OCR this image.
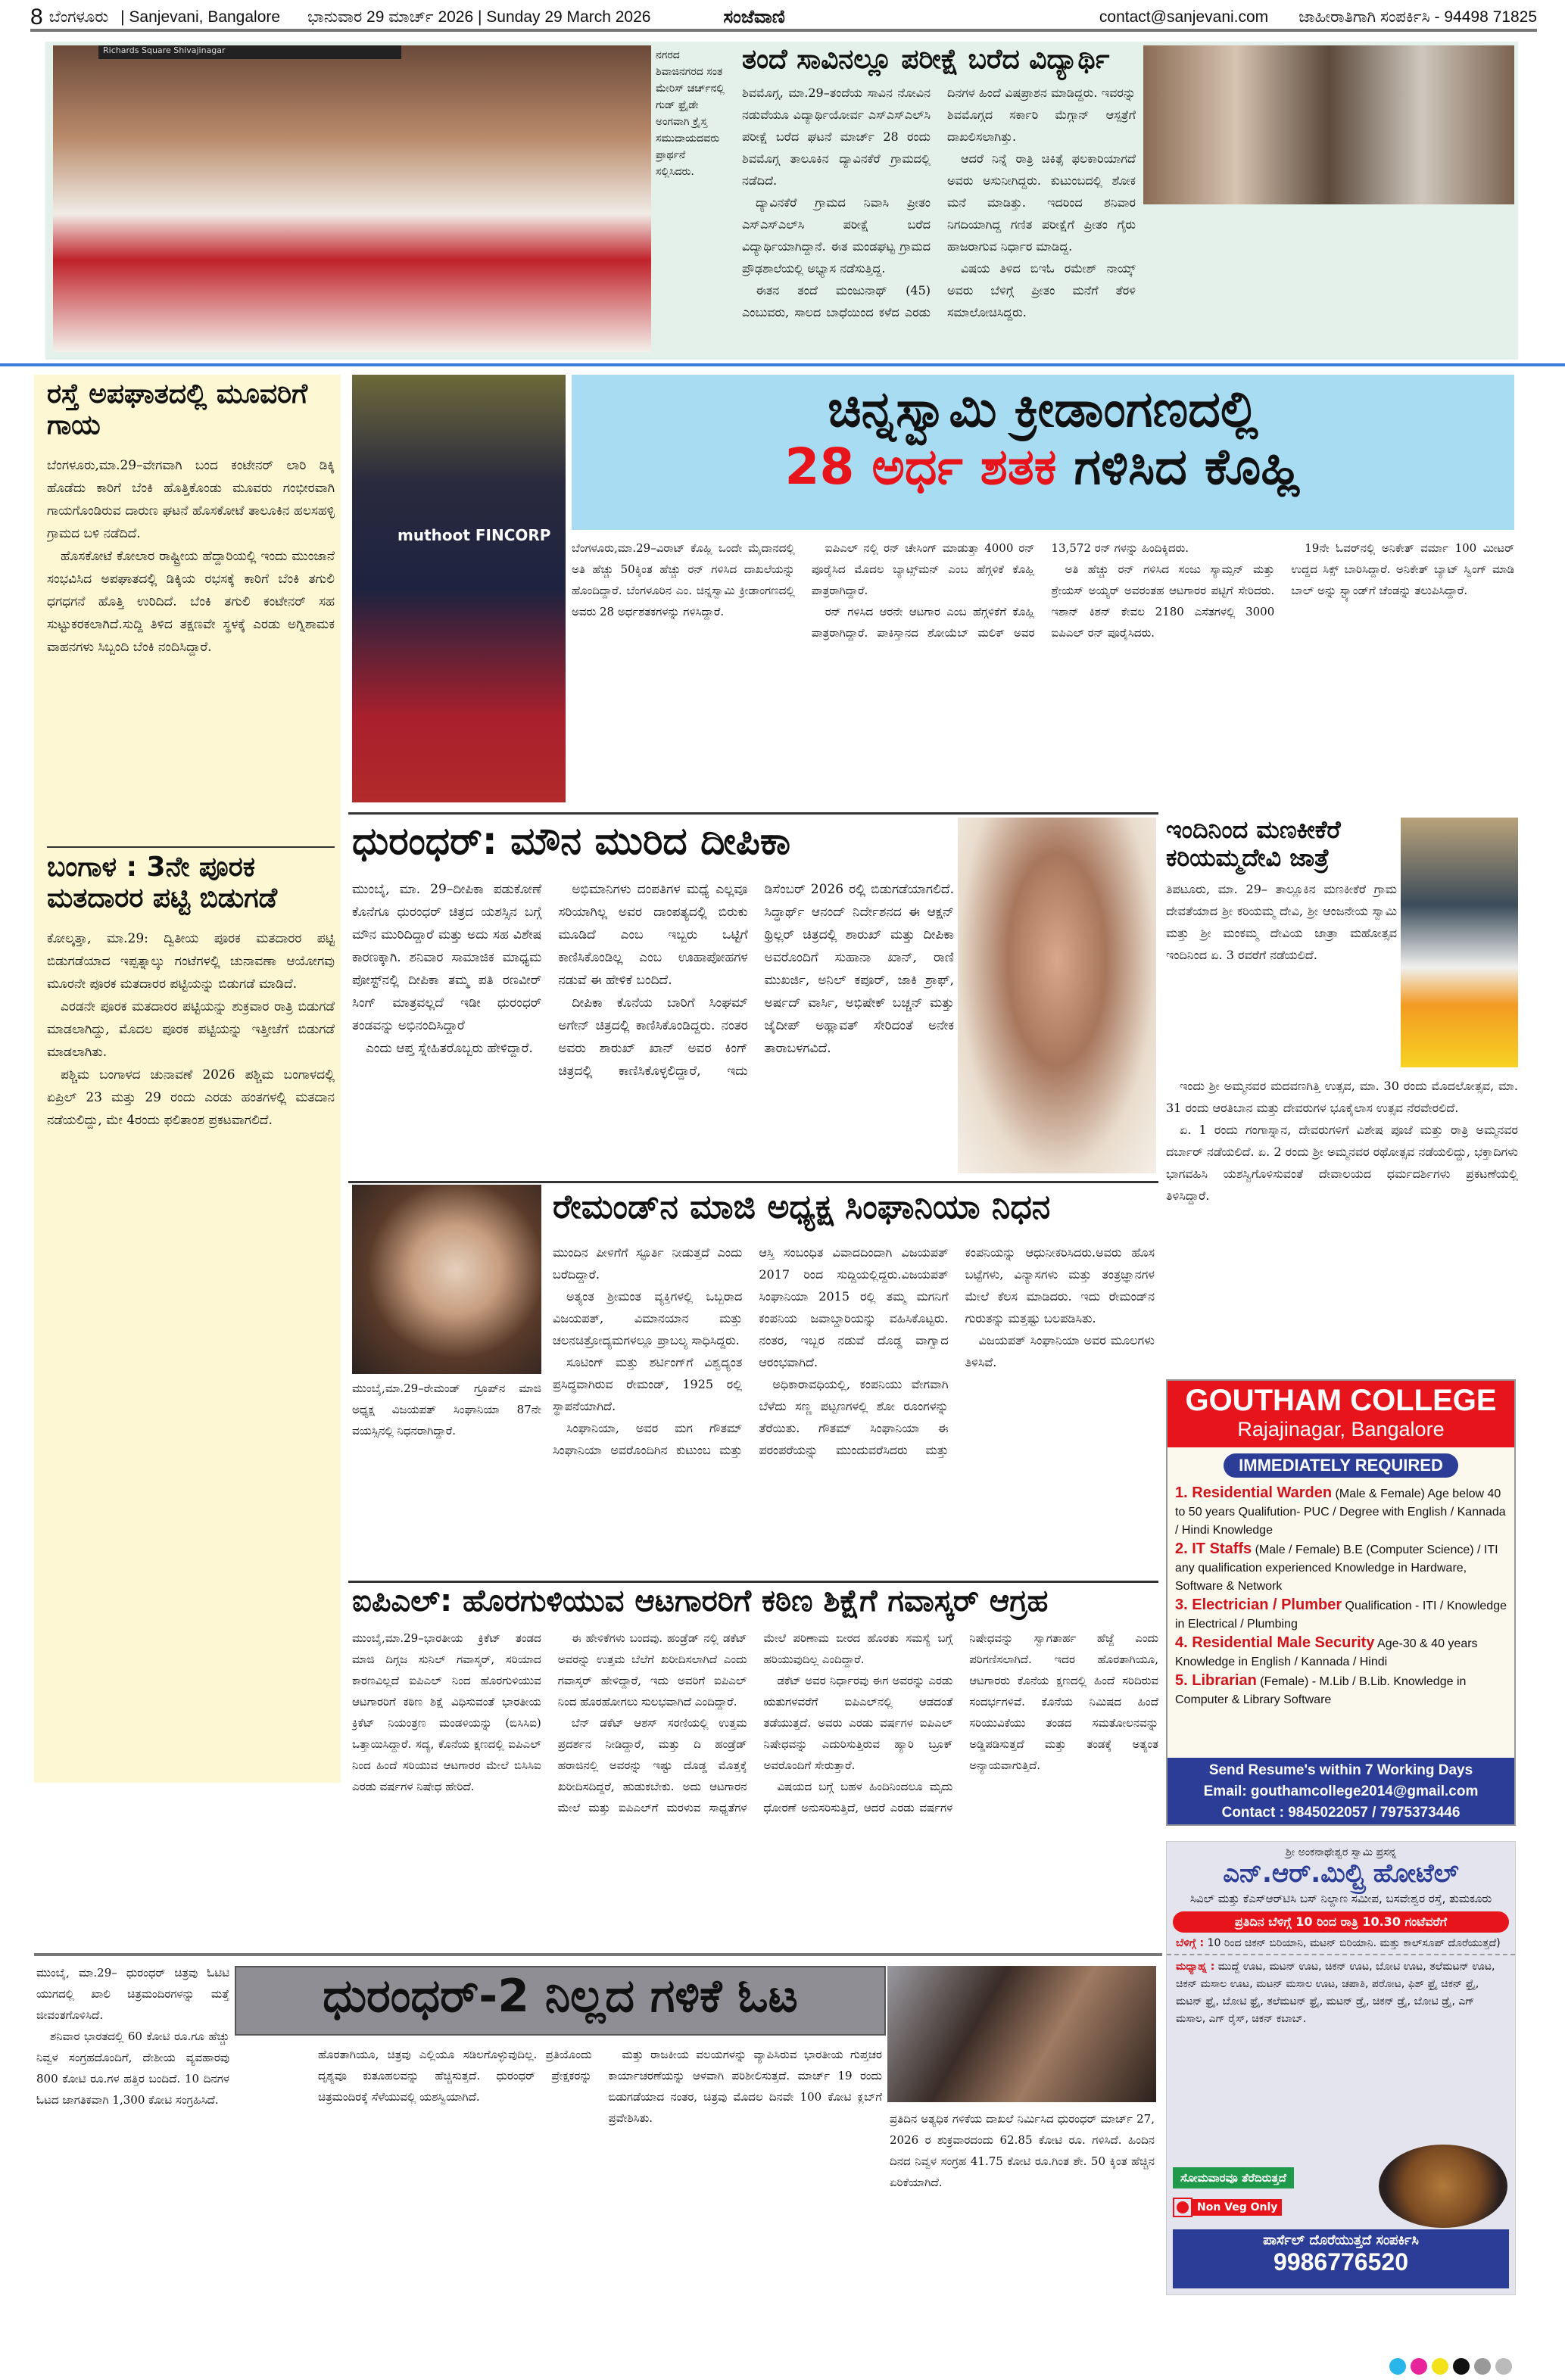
8 ಬೆಂಗಳೂರು | Sanjevani, Bangalore ಭಾನುವಾರ 29 ಮಾರ್ಚ್ 2026 | Sunday 29 March 2026	ಸಂಜೆವಾಣಿ	contact@sanjevani.com ಜಾಹೀರಾತಿಗಾಗಿ ಸಂಪರ್ಕಿಸಿ - 94498 71825
Richards Square Shivajinagar	ನಗರದ ಶಿವಾಜಿನಗರದ ಸಂತ ಮೇರಿಸ್ ಚರ್ಚ್‌ನಲ್ಲಿ ಗುಡ್ ಫ್ರೈಡೇ ಅಂಗವಾಗಿ ಕ್ರೈಸ್ತ ಸಮುದಾಯದವರು ಪ್ರಾರ್ಥನೆ ಸಲ್ಲಿಸಿದರು.
ತಂದೆ ಸಾವಿನಲ್ಲೂ ಪರೀಕ್ಷೆ ಬರೆದ ವಿದ್ಯಾರ್ಥಿ

ಶಿವಮೊಗ್ಗ, ಮಾ.29–ತಂದೆಯ ಸಾವಿನ ನೋವಿನ ನಡುವೆಯೂ ವಿದ್ಯಾರ್ಥಿಯೋರ್ವ ಎಸ್‌ಎಸ್‌ಎಲ್‌ಸಿ ಪರೀಕ್ಷೆ ಬರೆದ ಘಟನೆ ಮಾರ್ಚ್ 28 ರಂದು ಶಿವಮೊಗ್ಗ ತಾಲೂಕಿನ ದ್ಯಾವಿನಕೆರೆ ಗ್ರಾಮದಲ್ಲಿ ನಡೆದಿದೆ.

ದ್ಯಾವಿನಕೆರೆ ಗ್ರಾಮದ ನಿವಾಸಿ ಪ್ರೀತಂ ಎಸ್‌ಎಸ್‌ಎಲ್‌ಸಿ ಪರೀಕ್ಷೆ ಬರೆದ ವಿದ್ಯಾರ್ಥಿಯಾಗಿದ್ದಾನೆ. ಈತ ಮಂಡಘಟ್ಟ ಗ್ರಾಮದ ಪ್ರೌಢಶಾಲೆಯಲ್ಲಿ ಅಭ್ಯಾಸ ನಡೆಸುತ್ತಿದ್ದ.

ಈತನ ತಂದೆ ಮಂಜುನಾಥ್ (45) ಎಂಬುವರು, ಸಾಲದ ಬಾಧೆಯಿಂದ ಕಳೆದ ಎರಡು ದಿನಗಳ ಹಿಂದೆ ವಿಷಪ್ರಾಶನ ಮಾಡಿದ್ದರು. ಇವರನ್ನು ಶಿವಮೊಗ್ಗದ ಸರ್ಕಾರಿ ಮೆಗ್ಗಾನ್ ಆಸ್ಪತ್ರೆಗೆ ದಾಖಲಿಸಲಾಗಿತ್ತು.

ಆದರೆ ನಿನ್ನೆ ರಾತ್ರಿ ಚಿಕಿತ್ಸೆ ಫಲಕಾರಿಯಾಗದೆ ಅವರು ಅಸುನೀಗಿದ್ದರು. ಕುಟುಂಬದಲ್ಲಿ ಶೋಕ ಮನೆ ಮಾಡಿತ್ತು. ಇದರಿಂದ ಶನಿವಾರ ನಿಗದಿಯಾಗಿದ್ದ ಗಣಿತ ಪರೀಕ್ಷೆಗೆ ಪ್ರೀತಂ ಗೈರು ಹಾಜರಾಗುವ ನಿರ್ಧಾರ ಮಾಡಿದ್ದ.

ವಿಷಯ ತಿಳಿದ ಬಿಇಓ ರಮೇಶ್ ನಾಯ್ಕ್ ಅವರು ಬೆಳಿಗ್ಗೆ ಪ್ರೀತಂ ಮನೆಗೆ ತೆರಳಿ ಸಮಾಲೋಚಿಸಿದ್ದರು.

ರಸ್ತೆ ಅಪಘಾತದಲ್ಲಿ ಮೂವರಿಗೆ ಗಾಯ

ಬೆಂಗಳೂರು,ಮಾ.29–ವೇಗವಾಗಿ ಬಂದ ಕಂಟೇನರ್ ಲಾರಿ ಡಿಕ್ಕಿ ಹೊಡೆದು ಕಾರಿಗೆ ಬೆಂಕಿ ಹೊತ್ತಿಕೊಂಡು ಮೂವರು ಗಂಭೀರವಾಗಿ ಗಾಯಗೊಂಡಿರುವ ದಾರುಣ ಘಟನೆ ಹೊಸಕೋಟೆ ತಾಲೂಕಿನ ಹಲಸಹಳ್ಳಿ ಗ್ರಾಮದ ಬಳಿ ನಡೆದಿದೆ.

ಹೊಸಕೋಟೆ ಕೋಲಾರ ರಾಷ್ಟ್ರೀಯ ಹೆದ್ದಾರಿಯಲ್ಲಿ ಇಂದು ಮುಂಜಾನೆ ಸಂಭವಿಸಿದ ಅಪಘಾತದಲ್ಲಿ ಡಿಕ್ಕಿಯ ರಭಸಕ್ಕೆ ಕಾರಿಗೆ ಬೆಂಕಿ ತಗುಲಿ ಧಗಧಗನೆ ಹೊತ್ತಿ ಉರಿದಿದೆ. ಬೆಂಕಿ ತಗುಲಿ ಕಂಟೇನರ್ ಸಹ ಸುಟ್ಟುಕರಕಲಾಗಿದೆ.ಸುದ್ದಿ ತಿಳಿದ ತಕ್ಷಣವೇ ಸ್ಥಳಕ್ಕೆ ಎರಡು ಅಗ್ನಿಶಾಮಕ ವಾಹನಗಳು ಸಿಬ್ಬಂದಿ ಬೆಂಕಿ ನಂದಿಸಿದ್ದಾರೆ.

ಬಂಗಾಳ : 3ನೇ ಪೂರಕ ಮತದಾರರ ಪಟ್ಟಿ ಬಿಡುಗಡೆ

ಕೋಲ್ಕತ್ತಾ, ಮಾ.29: ದ್ವಿತೀಯ ಪೂರಕ ಮತದಾರರ ಪಟ್ಟಿ ಬಿಡುಗಡೆಯಾದ ಇಪ್ಪತ್ನಾಲ್ಕು ಗಂಟೆಗಳಲ್ಲಿ ಚುನಾವಣಾ ಆಯೋಗವು ಮೂರನೇ ಪೂರಕ ಮತದಾರರ ಪಟ್ಟಿಯನ್ನು ಬಿಡುಗಡೆ ಮಾಡಿದೆ.

ಎರಡನೇ ಪೂರಕ ಮತದಾರರ ಪಟ್ಟಿಯನ್ನು ಶುಕ್ರವಾರ ರಾತ್ರಿ ಬಿಡುಗಡೆ ಮಾಡಲಾಗಿದ್ದು, ಮೊದಲ ಪೂರಕ ಪಟ್ಟಿಯನ್ನು ಇತ್ತೀಚೆಗೆ ಬಿಡುಗಡೆ ಮಾಡಲಾಗಿತು.

ಪಶ್ಚಿಮ ಬಂಗಾಳದ ಚುನಾವಣೆ 2026 ಪಶ್ಚಿಮ ಬಂಗಾಳದಲ್ಲಿ ಏಪ್ರಿಲ್ 23 ಮತ್ತು 29 ರಂದು ಎರಡು ಹಂತಗಳಲ್ಲಿ ಮತದಾನ ನಡೆಯಲಿದ್ದು, ಮೇ 4ರಂದು ಫಲಿತಾಂಶ ಪ್ರಕಟವಾಗಲಿದೆ.

muthoot FINCORP
ಚಿನ್ನಸ್ವಾಮಿ ಕ್ರೀಡಾಂಗಣದಲ್ಲಿ
28 ಅರ್ಧ ಶತಕ ಗಳಿಸಿದ ಕೊಹ್ಲಿ

ಬೆಂಗಳೂರು,ಮಾ.29–ವಿರಾಟ್ ಕೊಹ್ಲಿ ಒಂದೇ ಮೈದಾನದಲ್ಲಿ ಅತಿ ಹೆಚ್ಚು 50ಕ್ಕಿಂತ ಹೆಚ್ಚು ರನ್ ಗಳಿಸಿದ ದಾಖಲೆಯನ್ನು ಹೊಂದಿದ್ದಾರೆ. ಬೆಂಗಳೂರಿನ ಎಂ. ಚಿನ್ನಸ್ವಾಮಿ ಕ್ರೀಡಾಂಗಣದಲ್ಲಿ ಅವರು 28 ಅರ್ಧಶತಕಗಳನ್ನು ಗಳಿಸಿದ್ದಾರೆ.

ಐಪಿಎಲ್ ನಲ್ಲಿ ರನ್ ಚೇಸಿಂಗ್ ಮಾಡುತ್ತಾ 4000 ರನ್ ಪೂರೈಸಿದ ಮೊದಲ ಬ್ಯಾಟ್ಸ್‌ಮನ್ ಎಂಬ ಹೆಗ್ಗಳಿಕೆ ಕೊಹ್ಲಿ ಪಾತ್ರರಾಗಿದ್ದಾರೆ.

ರನ್ ಗಳಿಸಿದ ಆರನೇ ಆಟಗಾರ ಎಂಬ ಹೆಗ್ಗಳಿಕೆಗೆ ಕೊಹ್ಲಿ ಪಾತ್ರರಾಗಿದ್ದಾರೆ. ಪಾಕಿಸ್ತಾನದ ಶೋಯೆಬ್ ಮಲಿಕ್ ಅವರ 13,572 ರನ್ ಗಳನ್ನು ಹಿಂದಿಕ್ಕಿದರು.

ಅತಿ ಹೆಚ್ಚು ರನ್ ಗಳಿಸಿದ ಸಂಜು ಸ್ಯಾಮ್ಸನ್ ಮತ್ತು ಶ್ರೇಯಸ್ ಅಯ್ಯರ್ ಅವರಂತಹ ಆಟಗಾರರ ಪಟ್ಟಿಗೆ ಸೇರಿದರು. ಇಶಾನ್ ಕಿಶನ್ ಕೇವಲ 2180 ಎಸೆತಗಳಲ್ಲಿ 3000 ಐಪಿಎಲ್ ರನ್ ಪೂರೈಸಿದರು.

19ನೇ ಓವರ್‌ನಲ್ಲಿ ಅನಿಕೇತ್ ವರ್ಮಾ 100 ಮೀಟರ್ ಉದ್ದದ ಸಿಕ್ಸ್ ಬಾರಿಸಿದ್ದಾರೆ. ಅನಿಕೇತ್ ಬ್ಯಾಟ್ ಸ್ವಿಂಗ್ ಮಾಡಿ ಬಾಲ್ ಅನ್ನು ಸ್ಟ್ಯಾಂಡ್‌ಗೆ ಚೆಂಡನ್ನು ತಲುಪಿಸಿದ್ದಾರೆ.

ಧುರಂಧರ್: ಮೌನ ಮುರಿದ ದೀಪಿಕಾ

ಮುಂಬೈ, ಮಾ. 29–ದೀಪಿಕಾ ಪಡುಕೋಣೆ ಕೊನೆಗೂ ಧುರಂಧರ್ ಚಿತ್ರದ ಯಶಸ್ಸಿನ ಬಗ್ಗೆ ಮೌನ ಮುರಿದಿದ್ದಾರೆ ಮತ್ತು ಅದು ಸಹ ವಿಶೇಷ ಕಾರಣಕ್ಕಾಗಿ. ಶನಿವಾರ ಸಾಮಾಜಿಕ ಮಾಧ್ಯಮ ಪೋಸ್ಟ್‌ನಲ್ಲಿ ದೀಪಿಕಾ ತಮ್ಮ ಪತಿ ರಣವೀರ್ ಸಿಂಗ್ ಮಾತ್ರವಲ್ಲದೆ ಇಡೀ ಧುರಂಧರ್ ತಂಡವನ್ನು ಅಭಿನಂದಿಸಿದ್ದಾರೆ

ಎಂದು ಆಪ್ತ ಸ್ನೇಹಿತರೊಬ್ಬರು ಹೇಳಿದ್ದಾರೆ.

ಅಭಿಮಾನಿಗಳು ದಂಪತಿಗಳ ಮಧ್ಯೆ ಎಲ್ಲವೂ ಸರಿಯಾಗಿಲ್ಲ ಅವರ ದಾಂಪತ್ಯದಲ್ಲಿ ಬಿರುಕು ಮೂಡಿದೆ ಎಂಬ ಇಬ್ಬರು ಒಟ್ಟಿಗೆ ಕಾಣಿಸಿಕೊಂಡಿಲ್ಲ ಎಂಬ ಊಹಾಪೋಹಗಳ ನಡುವೆ ಈ ಹೇಳಿಕೆ ಬಂದಿದೆ.

ದೀಪಿಕಾ ಕೊನೆಯ ಬಾರಿಗೆ ಸಿಂಘಮ್ ಅಗೇನ್ ಚಿತ್ರದಲ್ಲಿ ಕಾಣಿಸಿಕೊಂಡಿದ್ದರು. ನಂತರ ಅವರು ಶಾರುಖ್ ಖಾನ್ ಅವರ ಕಿಂಗ್ ಚಿತ್ರದಲ್ಲಿ ಕಾಣಿಸಿಕೊಳ್ಳಲಿದ್ದಾರೆ, ಇದು ಡಿಸೆಂಬರ್ 2026 ರಲ್ಲಿ ಬಿಡುಗಡೆಯಾಗಲಿದೆ. ಸಿದ್ಧಾರ್ಥ್ ಆನಂದ್ ನಿರ್ದೇಶನದ ಈ ಆಕ್ಷನ್ ಥ್ರಿಲ್ಲರ್ ಚಿತ್ರದಲ್ಲಿ ಶಾರುಖ್ ಮತ್ತು ದೀಪಿಕಾ ಅವರೊಂದಿಗೆ ಸುಹಾನಾ ಖಾನ್, ರಾಣಿ ಮುಖರ್ಜಿ, ಅನಿಲ್ ಕಪೂರ್, ಜಾಕಿ ಶ್ರಾಫ್, ಅರ್ಷದ್ ವಾರ್ಸಿ, ಅಭಿಷೇಕ್ ಬಚ್ಚನ್ ಮತ್ತು ಜೈದೀಪ್ ಅಹ್ಲಾವತ್ ಸೇರಿದಂತೆ ಅನೇಕ ತಾರಾಬಳಗವಿದೆ.

ಇಂದಿನಿಂದ ಮಣಕೀಕೆರೆ ಕರಿಯಮ್ಮದೇವಿ ಜಾತ್ರೆ

ತಿಪಟೂರು, ಮಾ. 29– ತಾಲ್ಲೂಕಿನ ಮಣಕೀಕೆರೆ ಗ್ರಾಮ ದೇವತೆಯಾದ ಶ್ರೀ ಕರಿಯಮ್ಮ ದೇವಿ, ಶ್ರೀ ಆಂಜನೇಯ ಸ್ವಾಮಿ ಮತ್ತು ಶ್ರೀ ಮಂಕಮ್ಮ ದೇವಿಯ ಜಾತ್ರಾ ಮಹೋತ್ಸವ ಇಂದಿನಿಂದ ಏ. 3 ರವರೆಗೆ ನಡೆಯಲಿದೆ.

ಇಂದು ಶ್ರೀ ಅಮ್ಮನವರ ಮದವಣಗಿತ್ತಿ ಉತ್ಸವ, ಮಾ. 30 ರಂದು ಮೊದಲೋತ್ಸವ, ಮಾ. 31 ರಂದು ಆರತಿಬಾನ ಮತ್ತು ದೇವರುಗಳ ಭೂಕೈಲಾಸ ಉತ್ಸವ ನೆರವೇರಲಿದೆ.

ಏ. 1 ರಂದು ಗಂಗಾಸ್ನಾನ, ದೇವರುಗಳಿಗೆ ವಿಶೇಷ ಪೂಜೆ ಮತ್ತು ರಾತ್ರಿ ಅಮ್ಮನವರ ದರ್ಬಾರ್ ನಡೆಯಲಿದೆ. ಏ. 2 ರಂದು ಶ್ರೀ ಅಮ್ಮನವರ ರಥೋತ್ಸವ ನಡೆಯಲಿದ್ದು, ಭಕ್ತಾದಿಗಳು ಭಾಗವಹಿಸಿ ಯಶಸ್ವಿಗೊಳಿಸುವಂತೆ ದೇವಾಲಯದ ಧರ್ಮದರ್ಶಿಗಳು ಪ್ರಕಟಣೆಯಲ್ಲಿ ತಿಳಿಸಿದ್ದಾರೆ.

ಮುಂಬೈ,ಮಾ.29–ರೇಮಂಡ್ ಗ್ರೂಪ್‌ನ ಮಾಜಿ ಅಧ್ಯಕ್ಷ ವಿಜಯಪತ್ ಸಿಂಘಾನಿಯಾ 87ನೇ ವಯಸ್ಸಿನಲ್ಲಿ ನಿಧನರಾಗಿದ್ದಾರೆ.
ರೇಮಂಡ್‌ನ ಮಾಜಿ ಅಧ್ಯಕ್ಷ ಸಿಂಘಾನಿಯಾ ನಿಧನ

ಮುಂದಿನ ಪೀಳಿಗೆಗೆ ಸ್ಫೂರ್ತಿ ನೀಡುತ್ತದೆ ಎಂದು ಬರೆದಿದ್ದಾರೆ.

ಅತ್ಯಂತ ಶ್ರೀಮಂತ ವ್ಯಕ್ತಿಗಳಲ್ಲಿ ಒಬ್ಬರಾದ ವಿಜಯಪತ್, ವಿಮಾನಯಾನ ಮತ್ತು ಚಲನಚಿತ್ರೋದ್ಯಮಗಳಲ್ಲೂ ಪ್ರಾಬಲ್ಯ ಸಾಧಿಸಿದ್ದರು.

ಸೂಟಿಂಗ್ ಮತ್ತು ಶರ್ಟಿಂಗ್‌ಗೆ ವಿಶ್ವದ್ಯಂತ ಪ್ರಸಿದ್ಧವಾಗಿರುವ ರೇಮಂಡ್, 1925 ರಲ್ಲಿ ಸ್ಥಾಪನೆಯಾಗಿದೆ.

ಸಿಂಘಾನಿಯಾ, ಅವರ ಮಗ ಗೌತಮ್ ಸಿಂಘಾನಿಯಾ ಅವರೊಂದಿಗಿನ ಕುಟುಂಬ ಮತ್ತು ಆಸ್ತಿ ಸಂಬಂಧಿತ ವಿವಾದದಿಂದಾಗಿ ವಿಜಯಪತ್ 2017 ರಿಂದ ಸುದ್ದಿಯಲ್ಲಿದ್ದರು.ವಿಜಯಪತ್ ಸಿಂಘಾನಿಯಾ 2015 ರಲ್ಲಿ ತಮ್ಮ ಮಗನಿಗೆ ಕಂಪನಿಯ ಜವಾಬ್ದಾರಿಯನ್ನು ವಹಿಸಿಕೊಟ್ಟರು. ನಂತರ, ಇಬ್ಬರ ನಡುವೆ ದೊಡ್ಡ ವಾಗ್ವಾದ ಆರಂಭವಾಗಿದೆ.

ಅಧಿಕಾರಾವಧಿಯಲ್ಲಿ, ಕಂಪನಿಯು ವೇಗವಾಗಿ ಬೆಳೆದು ಸಣ್ಣ ಪಟ್ಟಣಗಳಲ್ಲಿ ಶೋ ರೂಂಗಳನ್ನು ತೆರೆಯಿತು. ಗೌತಮ್ ಸಿಂಘಾನಿಯಾ ಈ ಪರಂಪರೆಯನ್ನು ಮುಂದುವರೆಸಿದರು ಮತ್ತು ಕಂಪನಿಯನ್ನು ಆಧುನೀಕರಿಸಿದರು.ಅವರು ಹೊಸ ಬಟ್ಟೆಗಳು, ವಿನ್ಯಾಸಗಳು ಮತ್ತು ತಂತ್ರಜ್ಞಾನಗಳ ಮೇಲೆ ಕೆಲಸ ಮಾಡಿದರು. ಇದು ರೇಮಂಡ್‌ನ ಗುರುತನ್ನು ಮತ್ತಷ್ಟು ಬಲಪಡಿಸಿತು.

ವಿಜಯಪತ್ ಸಿಂಘಾನಿಯಾ ಅವರ ಮೂಲಗಳು ತಿಳಿಸಿವೆ.

ಐಪಿಎಲ್: ಹೊರಗುಳಿಯುವ ಆಟಗಾರರಿಗೆ ಕಠಿಣ ಶಿಕ್ಷೆಗೆ ಗವಾಸ್ಕರ್ ಆಗ್ರಹ

ಮುಂಬೈ,ಮಾ.29–ಭಾರತೀಯ ಕ್ರಿಕೆಟ್ ತಂಡದ ಮಾಜಿ ದಿಗ್ಗಜ ಸುನಿಲ್ ಗವಾಸ್ಕರ್, ಸರಿಯಾದ ಕಾರಣವಿಲ್ಲದೆ ಐಪಿಎಲ್ ನಿಂದ ಹೊರಗುಳಿಯುವ ಆಟಗಾರರಿಗೆ ಕಠಿಣ ಶಿಕ್ಷೆ ವಿಧಿಸುವಂತೆ ಭಾರತೀಯ ಕ್ರಿಕೆಟ್ ನಿಯಂತ್ರಣ ಮಂಡಳಿಯನ್ನು (ಬಿಸಿಸಿಐ) ಒತ್ತಾಯಿಸಿದ್ದಾರೆ. ಸದ್ಯ, ಕೊನೆಯ ಕ್ಷಣದಲ್ಲಿ ಐಪಿಎಲ್ ನಿಂದ ಹಿಂದೆ ಸರಿಯುವ ಆಟಗಾರರ ಮೇಲೆ ಬಿಸಿಸಿಐ ಎರಡು ವರ್ಷಗಳ ನಿಷೇಧ ಹೇರಿದೆ.

ಈ ಹೇಳಿಕೆಗಳು ಬಂದವು. ಹಂಡ್ರೆಡ್ ನಲ್ಲಿ ಡಕೆಟ್ ಅವರನ್ನು ಉತ್ತಮ ಬೆಲೆಗೆ ಖರೀದಿಸಲಾಗಿದೆ ಎಂದು ಗವಾಸ್ಕರ್ ಹೇಳಿದ್ದಾರೆ, ಇದು ಅವರಿಗೆ ಐಪಿಎಲ್ ನಿಂದ ಹೊರಹೋಗಲು ಸುಲಭವಾಗಿದೆ ಎಂದಿದ್ದಾರೆ.

ಬೆನ್ ಡಕೆಟ್ ಆಶಸ್ ಸರಣಿಯಲ್ಲಿ ಉತ್ತಮ ಪ್ರದರ್ಶನ ನೀಡಿದ್ದಾರೆ, ಮತ್ತು ದಿ ಹಂಡ್ರೆಡ್ ಹರಾಜಿನಲ್ಲಿ ಅವರನ್ನು ಇಷ್ಟು ದೊಡ್ಡ ಮೊತ್ತಕ್ಕೆ ಖರೀದಿಸದಿದ್ದರೆ, ಹುಡುಕಬೇಕು. ಅದು ಆಟಗಾರನ ಮೇಲೆ ಮತ್ತು ಐಪಿಎಲ್‌ಗೆ ಮರಳುವ ಸಾಧ್ಯತೆಗಳ ಮೇಲೆ ಪರಿಣಾಮ ಬೀರದ ಹೊರತು ಸಮಸ್ಯೆ ಬಗ್ಗೆ ಹರಿಯುವುದಿಲ್ಲ ಎಂದಿದ್ದಾರೆ.

ಡಕೆಟ್ ಅವರ ನಿರ್ಧಾರವು ಈಗ ಅವರನ್ನು ಎರಡು ಋತುಗಳವರೆಗೆ ಐಪಿಎಲ್‌ನಲ್ಲಿ ಆಡದಂತೆ ತಡೆಯುತ್ತದೆ. ಅವರು ಎರಡು ವರ್ಷಗಳ ಐಪಿಎಲ್ ನಿಷೇಧವನ್ನು ಎದುರಿಸುತ್ತಿರುವ ಹ್ಯಾರಿ ಬ್ರೂಕ್ ಅವರೊಂದಿಗೆ ಸೇರುತ್ತಾರೆ.

ವಿಷಯದ ಬಗ್ಗೆ ಬಹಳ ಹಿಂದಿನಿಂದಲೂ ಮೃದು ಧೋರಣೆ ಅನುಸರಿಸುತ್ತಿದೆ, ಆದರೆ ಎರಡು ವರ್ಷಗಳ ನಿಷೇಧವನ್ನು ಸ್ವಾಗತಾರ್ಹ ಹೆಜ್ಜೆ ಎಂದು ಪರಿಗಣಿಸಲಾಗಿದೆ. ಇದರ ಹೊರತಾಗಿಯೂ, ಆಟಗಾರರು ಕೊನೆಯ ಕ್ಷಣದಲ್ಲಿ ಹಿಂದೆ ಸರಿದಿರುವ ಸಂದರ್ಭಗಳಿವೆ. ಕೊನೆಯ ನಿಮಿಷದ ಹಿಂದೆ ಸರಿಯುವಿಕೆಯು ತಂಡದ ಸಮತೋಲನವನ್ನು ಅಡ್ಡಿಪಡಿಸುತ್ತದೆ ಮತ್ತು ತಂಡಕ್ಕೆ ಅತ್ಯಂತ ಅನ್ಯಾಯವಾಗುತ್ತಿದೆ.

GOUTHAM COLLEGE
Rajajinagar, Bangalore
IMMEDIATELY REQUIRED
1. Residential Warden (Male & Female) Age below 40 to 50 years Qualifution- PUC / Degree with English / Kannada / Hindi Knowledge
2. IT Staffs (Male / Female) B.E (Computer Science) / ITI any qualification experienced Knowledge in Hardware, Software & Network
3. Electrician / Plumber Qualification - ITI / Knowledge in Electrical / Plumbing
4. Residential Male Security Age-30 & 40 years Knowledge in English / Kannada / Hindi
5. Librarian (Female) - M.Lib / B.Lib. Knowledge in Computer & Library Software
Send Resume's within 7 Working Days
Email: gouthamcollege2014@gmail.com
Contact : 9845022057 / 7975373446
ಶ್ರೀ ಅಂಕನಾಥೇಶ್ವರ ಸ್ವಾಮಿ ಪ್ರಸನ್ನ
ಎನ್.ಆರ್.ಮಿಲ್ಟ್ರಿ ಹೋಟೆಲ್
ಸಿವಿಲ್ ಮತ್ತು ಕೆಎಸ್ಆರ್‌ಟಿಸಿ ಬಸ್ ನಿಲ್ದಾಣ ಸಮೀಪ, ಬಸವೇಶ್ವರ ರಸ್ತೆ, ತುಮಕೂರು
ಪ್ರತಿದಿನ ಬೆಳಿಗ್ಗೆ 10 ರಿಂದ ರಾತ್ರಿ 10.30 ಗಂಟೆವರೆಗೆ
ಬೆಳಿಗ್ಗೆ : 10 ರಿಂದ ಚಿಕನ್ ಬಿರಿಯಾನಿ, ಮಟನ್ ಬಿರಿಯಾನಿ. ಮತ್ತು ಕಾಲ್‌ಸೂಪ್ ದೊರೆಯುತ್ತದೆ)
ಮಧ್ಯಾಹ್ನ : ಮುದ್ದೆ ಊಟ, ಮಟನ್ ಊಟ, ಚಿಕನ್ ಊಟ, ಬೋಟಿ ಊಟ, ತಲೆಮಟನ್ ಊಟ, ಚಿಕನ್ ಮಸಾಲ ಊಟ, ಮಟನ್ ಮಸಾಲ ಊಟ, ಚಪಾತಿ, ಪರೋಟ, ಫಿಶ್ ಫ್ರೈ ಚಿಕನ್ ಫ್ರೈ, ಮಟನ್ ಫ್ರೈ, ಬೋಟಿ ಫ್ರೈ, ತಲೆಮಟನ್ ಫ್ರೈ, ಮಟನ್ ಡ್ರೈ, ಚಿಕನ್ ಡ್ರೈ, ಬೋಟಿ ಡ್ರೈ, ಎಗ್ ಮಸಾಲ, ಎಗ್ ರೈಸ್, ಚಿಕನ್ ಕಬಾಬ್.
ಸೋಮವಾರವೂ ತೆರೆದಿರುತ್ತದೆ
Non Veg Only
ಪಾರ್ಸೆಲ್ ದೊರೆಯುತ್ತದೆ ಸಂಪರ್ಕಿಸಿ
9986776520

ಮುಂಬೈ, ಮಾ.29– ಧುರಂಧರ್ ಚಿತ್ರವು ಓಟಿಟಿ ಯುಗದಲ್ಲಿ ಖಾಲಿ ಚಿತ್ರಮಂದಿರಗಳನ್ನು ಮತ್ತೆ ಜೀವಂತಗೊಳಿಸಿದೆ.

ಶನಿವಾರ ಭಾರತದಲ್ಲಿ 60 ಕೋಟಿ ರೂ.ಗೂ ಹೆಚ್ಚು ನಿವ್ವಳ ಸಂಗ್ರಹದೊಂದಿಗೆ, ದೇಶೀಯ ವ್ಯವಹಾರವು 800 ಕೋಟಿ ರೂ.ಗಳ ಹತ್ತಿರ ಬಂದಿದೆ. 10 ದಿನಗಳ ಓಟದ ಜಾಗತಿಕವಾಗಿ 1,300 ಕೋಟಿ ಸಂಗ್ರಹಿಸಿದೆ.

ಧುರಂಧರ್-2 ನಿಲ್ಲದ ಗಳಿಕೆ ಓಟ

ಹೊರತಾಗಿಯೂ, ಚಿತ್ರವು ಎಲ್ಲಿಯೂ ಸಡಿಲಗೊಳ್ಳುವುದಿಲ್ಲ. ಪ್ರತಿಯೊಂದು ದೃಶ್ಯವೂ ಕುತೂಹಲವನ್ನು ಹೆಚ್ಚಿಸುತ್ತದೆ. ಧುರಂಧರ್ ಪ್ರೇಕ್ಷಕರನ್ನು ಚಿತ್ರಮಂದಿರಕ್ಕೆ ಸೆಳೆಯುವಲ್ಲಿ ಯಶಸ್ವಿಯಾಗಿದೆ.

ಮತ್ತು ರಾಜಕೀಯ ವಲಯಗಳನ್ನು ವ್ಯಾಪಿಸಿರುವ ಭಾರತೀಯ ಗುಪ್ತಚರ ಕಾರ್ಯಾಚರಣೆಯನ್ನು ಆಳವಾಗಿ ಪರಿಶೀಲಿಸುತ್ತದೆ. ಮಾರ್ಚ್ 19 ರಂದು ಬಿಡುಗಡೆಯಾದ ನಂತರ, ಚಿತ್ರವು ಮೊದಲ ದಿನವೇ 100 ಕೋಟಿ ಕ್ಲಬ್‌ಗೆ ಪ್ರವೇಶಿಸಿತು.	ಪ್ರತಿದಿನ ಅತ್ಯಧಿಕ ಗಳಿಕೆಯ ದಾಖಲೆ ನಿರ್ಮಿಸಿದ ಧುರಂಧರ್ ಮಾರ್ಚ್ 27, 2026 ರ ಶುಕ್ರವಾರದಂದು 62.85 ಕೋಟಿ ರೂ. ಗಳಿಸಿದೆ. ಹಿಂದಿನ ದಿನದ ನಿವ್ವಳ ಸಂಗ್ರಹ 41.75 ಕೋಟಿ ರೂ.ಗಿಂತ ಶೇ. 50 ಕ್ಕಿಂತ ಹೆಚ್ಚಿನ ಏರಿಕೆಯಾಗಿದೆ.
